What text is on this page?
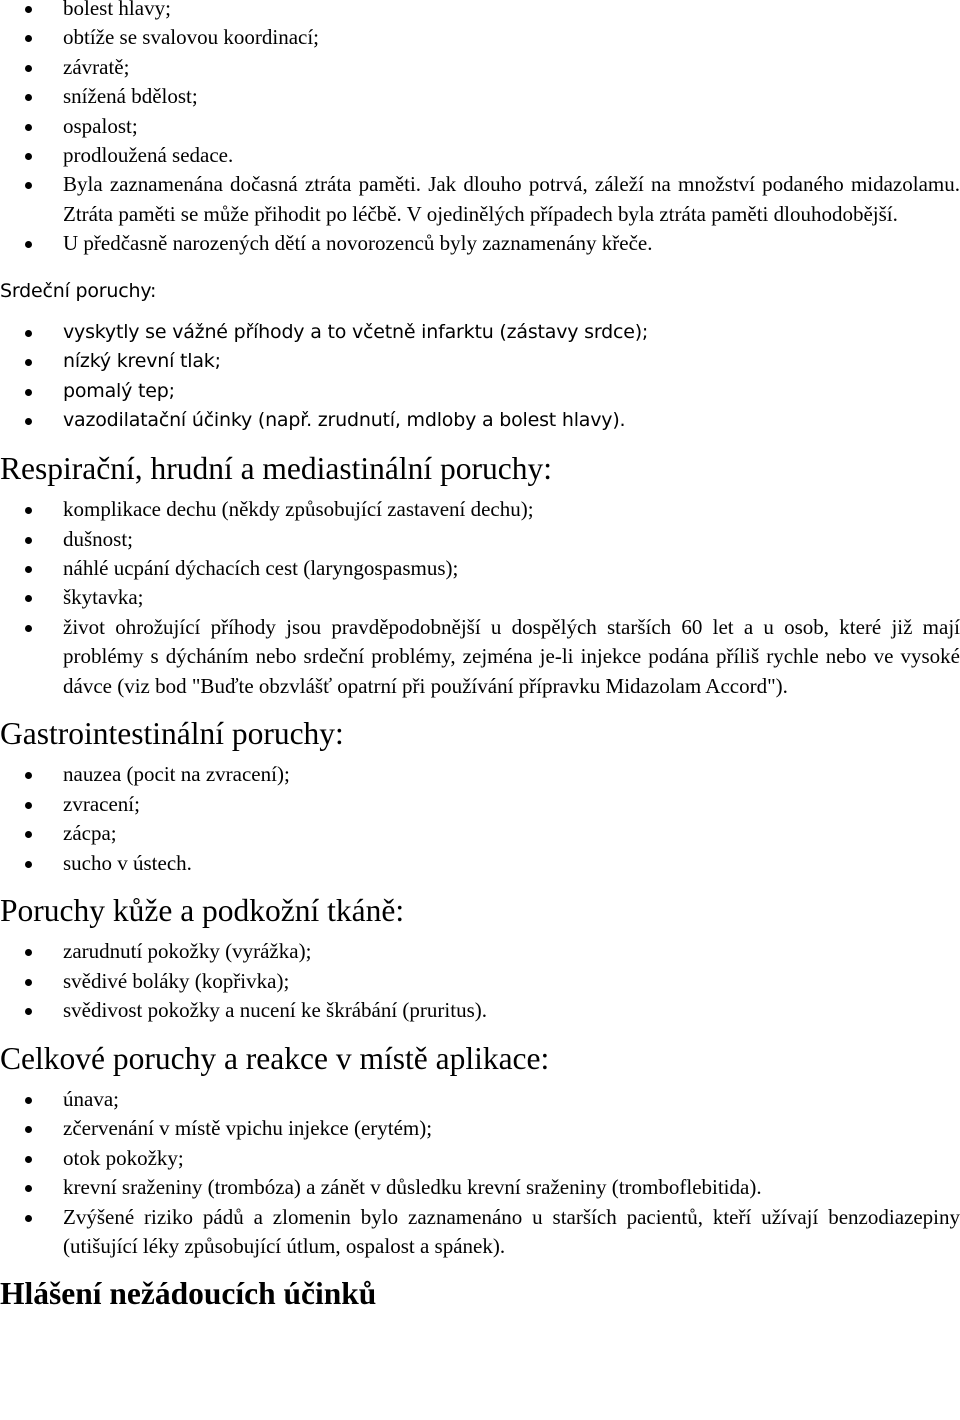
bolest hlavy;
obtíže se svalovou koordinací;
závratě;
snížená bdělost;
ospalost;
prodloužená sedace.
Byla zaznamenána dočasná ztráta paměti. Jak dlouho potrvá, záleží na množství podaného midazolamu. Ztráta paměti se může přihodit po léčbě. V ojedinělých případech byla ztráta paměti dlouhodobější.
U předčasně narozených dětí a novorozenců byly zaznamenány křeče.
Srdeční poruchy:
vyskytly se vážné příhody a to včetně infarktu (zástavy srdce);
nízký krevní tlak;
pomalý tep;
vazodilatační účinky (např. zrudnutí, mdloby a bolest hlavy).
Respirační, hrudní a mediastinální poruchy:
komplikace dechu (někdy způsobující zastavení dechu);
dušnost;
náhlé ucpání dýchacích cest (laryngospasmus);
škytavka;
život ohrožující příhody jsou pravděpodobnější u dospělých starších 60 let a u osob, které již mají problémy s dýcháním nebo srdeční problémy, zejména je-li injekce podána příliš rychle nebo ve vysoké dávce (viz bod "Buďte obzvlášť opatrní při používání přípravku Midazolam Accord").
Gastrointestinální poruchy:
nauzea (pocit na zvracení);
zvracení;
zácpa;
sucho v ústech.
Poruchy kůže a podkožní tkáně:
zarudnutí pokožky (vyrážka);
svědivé boláky (kopřivka);
svědivost pokožky a nucení ke škrábání (pruritus).
Celkové poruchy a reakce v místě aplikace:
únava;
zčervenání v místě vpichu injekce (erytém);
otok pokožky;
krevní sraženiny (trombóza) a zánět v důsledku krevní sraženiny (tromboflebitida).
Zvýšené riziko pádů a zlomenin bylo zaznamenáno u starších pacientů, kteří užívají benzodiazepiny (utišující léky způsobující útlum, ospalost a spánek).
Hlášení nežádoucích účinků
